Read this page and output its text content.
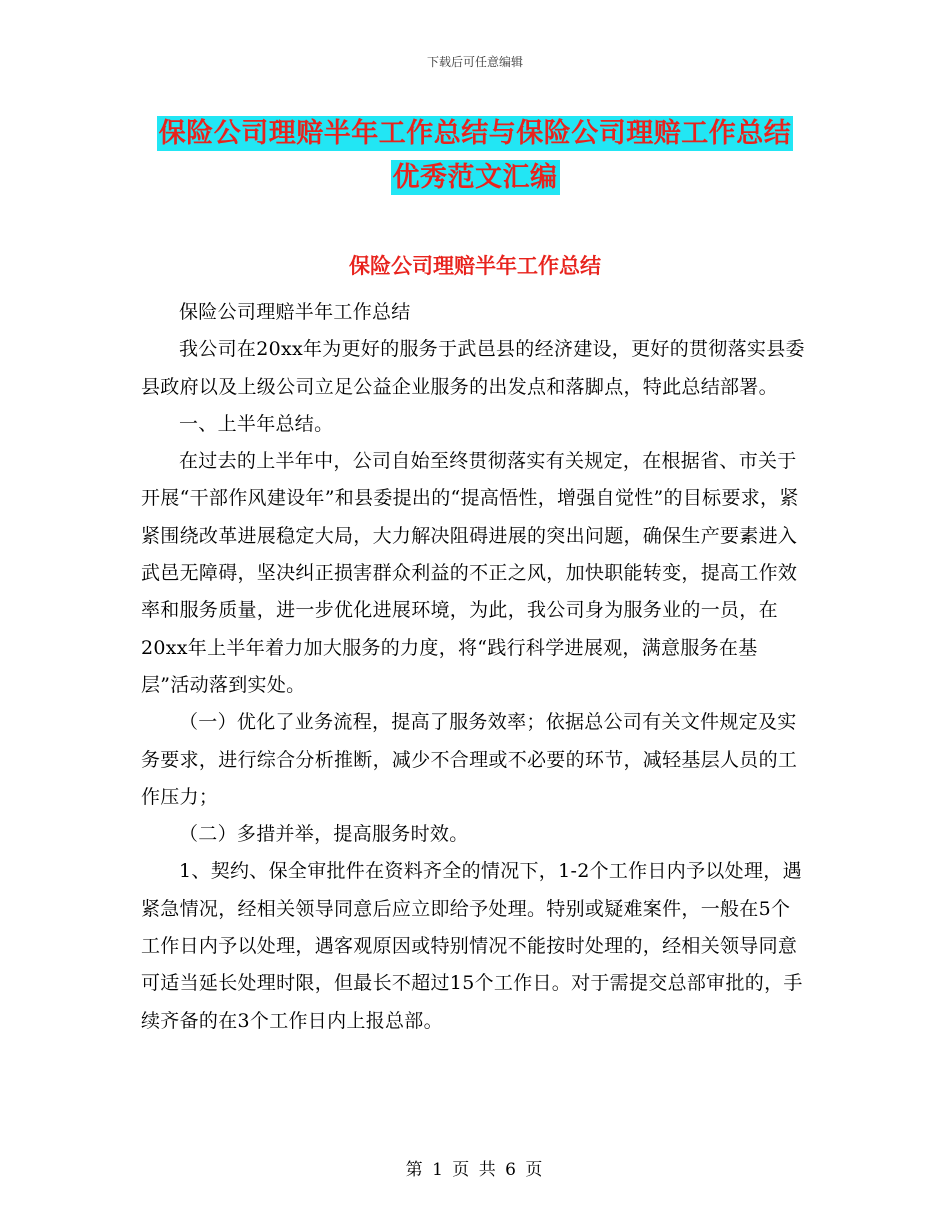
下载后可任意编辑
保险公司理赔半年工作总结与保险公司理赔工作总结
优秀范文汇编
保险公司理赔半年工作总结

保险公司理赔半年工作总结

我公司在20xx年为更好的服务于武邑县的经济建设，更好的贯彻落实县委县政府以及上级公司立足公益企业服务的出发点和落脚点，特此总结部署。

一、上半年总结。

在过去的上半年中，公司自始至终贯彻落实有关规定，在根据省、市关于开展“干部作风建设年”和县委提出的“提高悟性，增强自觉性”的目标要求，紧紧围绕改革进展稳定大局，大力解决阻碍进展的突出问题，确保生产要素进入武邑无障碍，坚决纠正损害群众利益的不正之风，加快职能转变，提高工作效率和服务质量，进一步优化进展环境，为此，我公司身为服务业的一员，在20xx年上半年着力加大服务的力度，将“践行科学进展观，满意服务在基层”活动落到实处。

（一）优化了业务流程，提高了服务效率；依据总公司有关文件规定及实务要求，进行综合分析推断，减少不合理或不必要的环节，减轻基层人员的工作压力；

（二）多措并举，提高服务时效。

1、契约、保全审批件在资料齐全的情况下，1-2个工作日内予以处理，遇紧急情况，经相关领导同意后应立即给予处理。特别或疑难案件，一般在5个工作日内予以处理，遇客观原因或特别情况不能按时处理的，经相关领导同意可适当延长处理时限，但最长不超过15个工作日。对于需提交总部审批的，手续齐备的在3个工作日内上报总部。

第 1 页 共 6 页
